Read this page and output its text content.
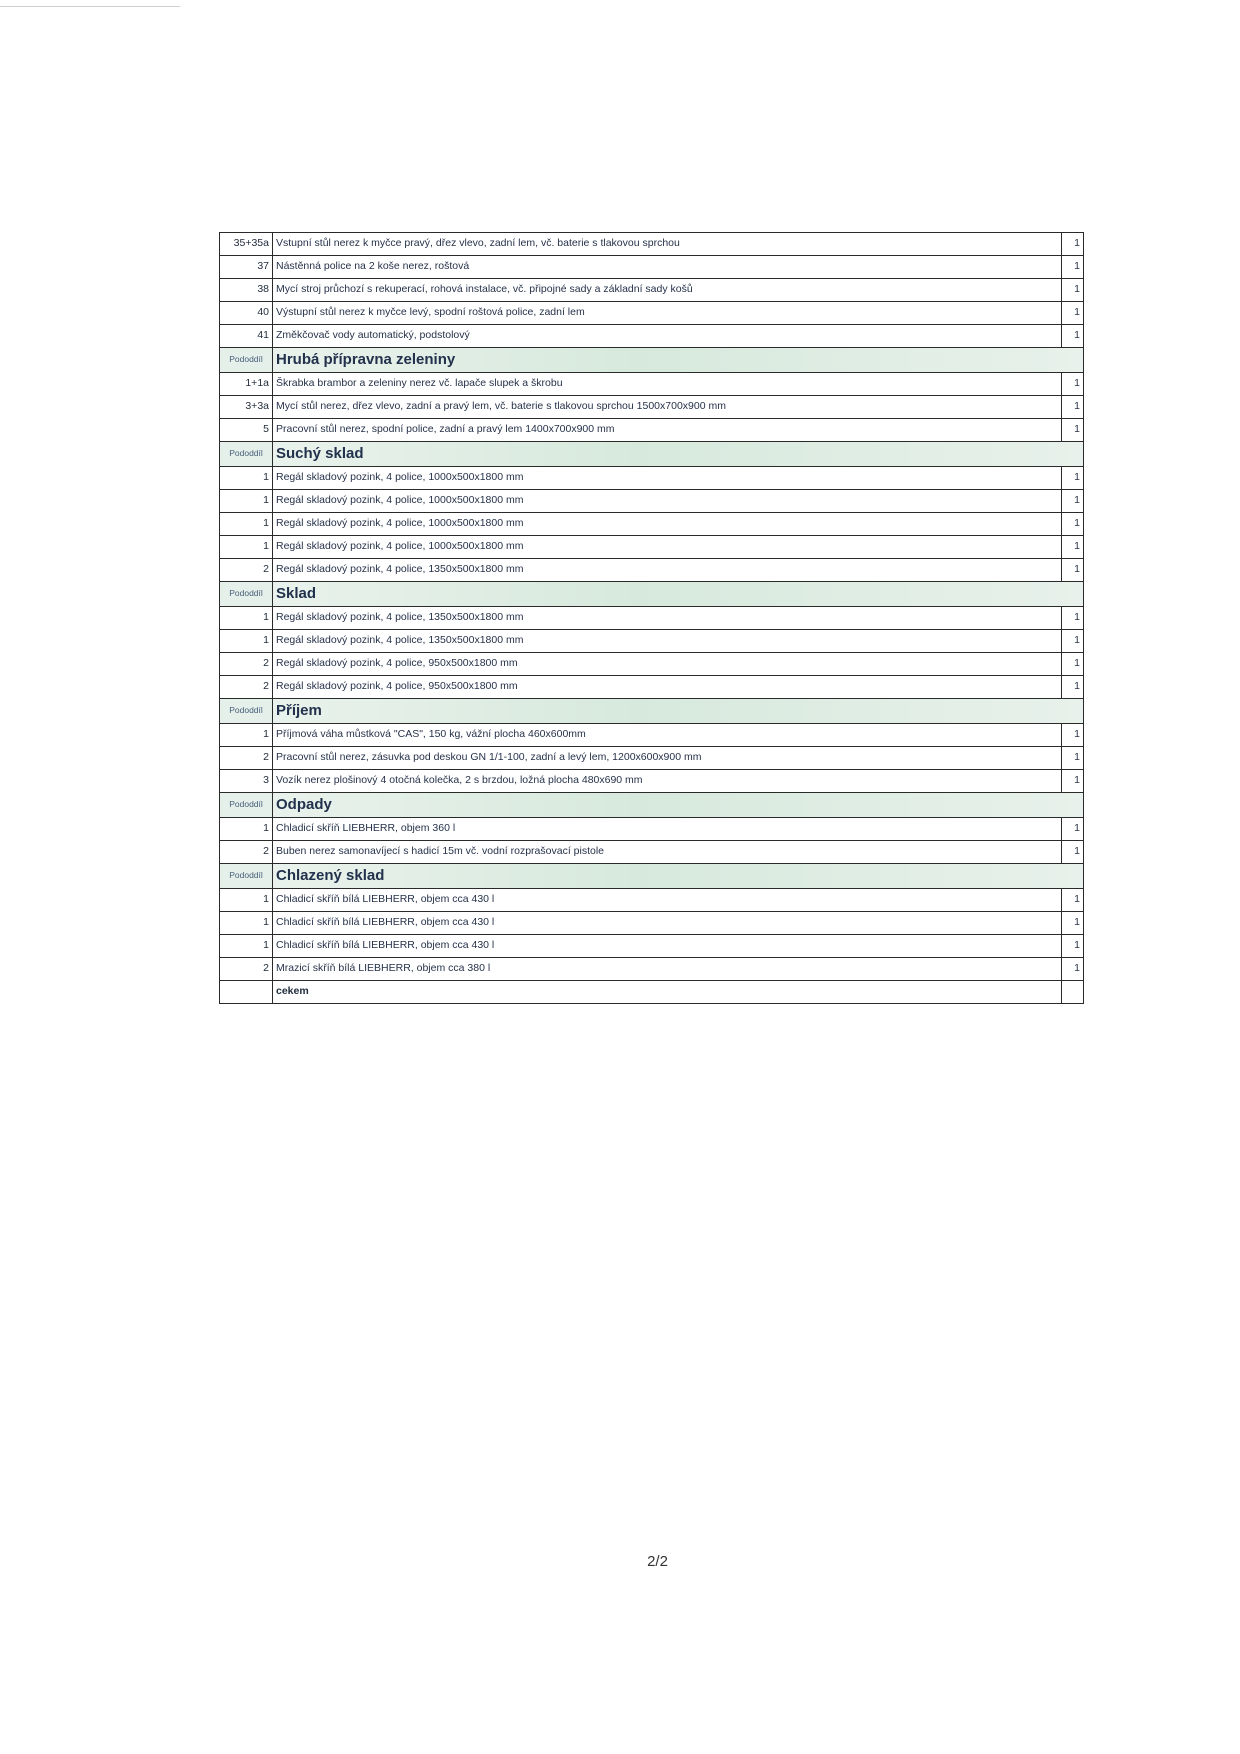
35+35a	Vstupní stůl nerez k myčce pravý, dřez vlevo, zadní lem, vč. baterie s tlakovou sprchou	1
37	Nástěnná police na 2 koše nerez, roštová	1
38	Mycí stroj průchozí s rekuperací, rohová instalace, vč. připojné sady a základní sady košů	1
40	Výstupní stůl nerez k myčce levý, spodní roštová police, zadní lem	1
41	Změkčovač vody automatický, podstolový	1
Pododdíl	Hrubá přípravna zeleniny	
1+1a	Škrabka brambor a zeleniny nerez vč. lapače slupek a škrobu	1
3+3a	Mycí stůl nerez, dřez vlevo, zadní a pravý lem, vč. baterie s tlakovou sprchou 1500x700x900 mm	1
5	Pracovní stůl nerez, spodní police, zadní a pravý lem 1400x700x900 mm	1
Pododdíl	Suchý sklad	
1	Regál skladový pozink, 4 police, 1000x500x1800 mm	1
1	Regál skladový pozink, 4 police, 1000x500x1800 mm	1
1	Regál skladový pozink, 4 police, 1000x500x1800 mm	1
1	Regál skladový pozink, 4 police, 1000x500x1800 mm	1
2	Regál skladový pozink, 4 police, 1350x500x1800 mm	1
Pododdíl	Sklad	
1	Regál skladový pozink, 4 police, 1350x500x1800 mm	1
1	Regál skladový pozink, 4 police, 1350x500x1800 mm	1
2	Regál skladový pozink, 4 police, 950x500x1800 mm	1
2	Regál skladový pozink, 4 police, 950x500x1800 mm	1
Pododdíl	Příjem	
1	Příjmová váha můstková "CAS", 150 kg, vážní plocha 460x600mm	1
2	Pracovní stůl nerez, zásuvka pod deskou GN 1/1-100, zadní a levý lem, 1200x600x900 mm	1
3	Vozík nerez plošinový 4 otočná kolečka, 2 s brzdou, ložná plocha 480x690 mm	1
Pododdíl	Odpady	
1	Chladicí skříň LIEBHERR, objem 360 l	1
2	Buben nerez samonavíjecí s hadicí 15m vč. vodní rozprašovací pistole	1
Pododdíl	Chlazený sklad	
1	Chladicí skříň bílá LIEBHERR, objem cca 430 l	1
1	Chladicí skříň bílá LIEBHERR, objem cca 430 l	1
1	Chladicí skříň bílá LIEBHERR, objem cca 430 l	1
2	Mrazicí skříň bílá LIEBHERR, objem cca 380 l	1
	cekem	
2/2
